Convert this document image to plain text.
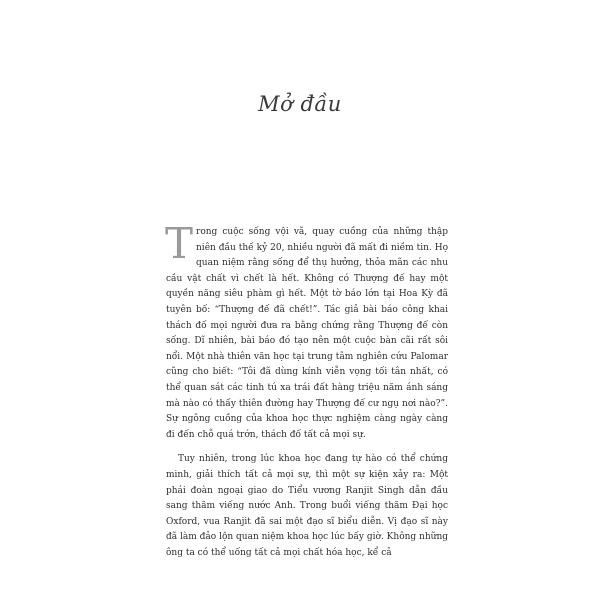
Mở đầu

Trong cuộc sống vội vã, quay cuồng của những thập niên đầu thế kỷ 20, nhiều người đã mất đi niềm tin. Họ quan niệm rằng sống để thụ hưởng, thỏa mãn các nhu cầu vật chất vì chết là hết. Không có Thượng đế hay một quyền năng siêu phàm gì hết. Một tờ báo lớn tại Hoa Kỳ đã tuyên bố: “Thượng đế đã chết!”. Tác giả bài báo công khai thách đố mọi người đưa ra bằng chứng rằng Thượng đế còn sống. Dĩ nhiên, bài báo đó tạo nên một cuộc bàn cãi rất sôi nổi. Một nhà thiên văn học tại trung tâm nghiên cứu Palomar cũng cho biết: “Tôi đã dùng kính viễn vọng tối tân nhất, có thể quan sát các tinh tú xa trái đất hàng triệu năm ánh sáng mà nào có thấy thiên đường hay Thượng đế cư ngụ nơi nào?”. Sự ngông cuồng của khoa học thực nghiệm càng ngày càng đi đến chỗ quá trớn, thách đố tất cả mọi sự.

Tuy nhiên, trong lúc khoa học đang tự hào có thể chứng minh, giải thích tất cả mọi sự, thì một sự kiện xảy ra: Một phái đoàn ngoại giao do Tiểu vương Ranjit Singh dẫn đầu sang thăm viếng nước Anh. Trong buổi viếng thăm Đại học Oxford, vua Ranjit đã sai một đạo sĩ biểu diễn. Vị đạo sĩ này đã làm đảo lộn quan niệm khoa học lúc bấy giờ. Không những ông ta có thể uống tất cả mọi chất hóa học, kể cả
